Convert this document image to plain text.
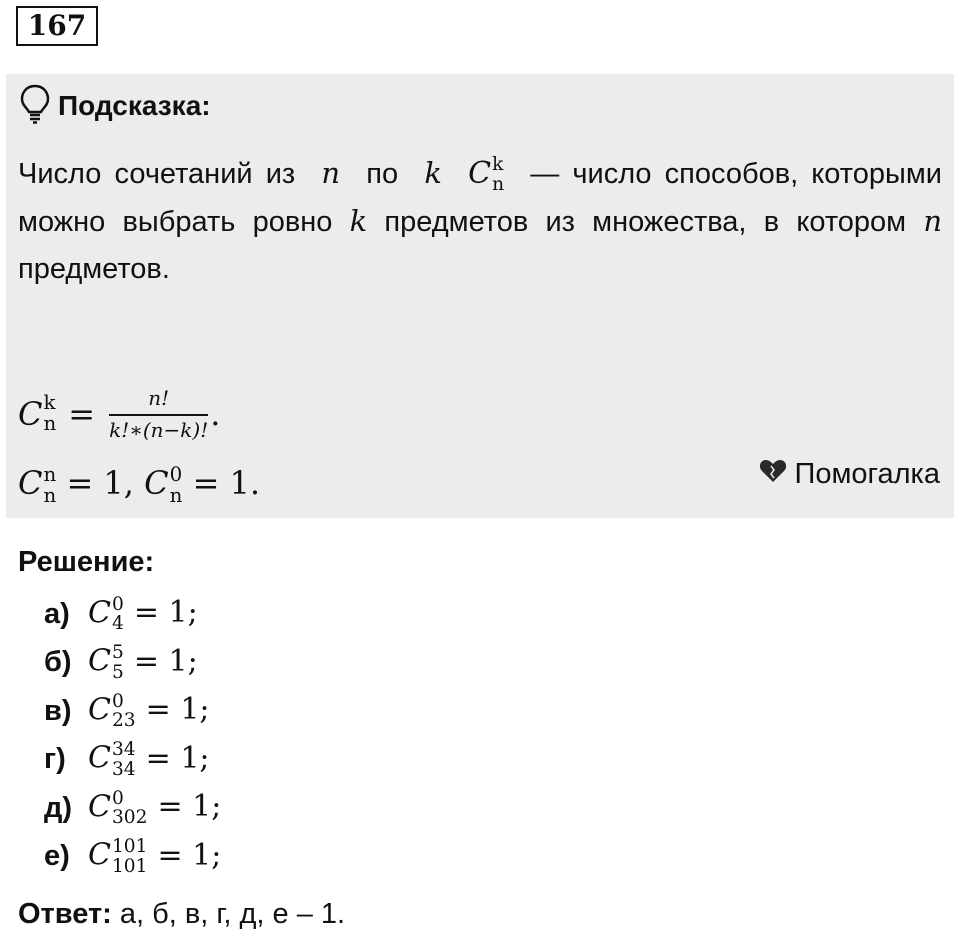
167
Подсказка:
Число сочетаний из n по k C k
n — число способов, которыми можно выбрать ровно k предметов из множества, в котором n предметов.
C k
$n = \frac{n!}{k!∗(n-k)!}$ .
C n
n = 1, C 0
n = 1.	Помогалка
Решение:
а) C 0
4 = 1;
б) C 5
5 = 1;
в) C 0
23 = 1;
г) C 34
34 = 1;
д) C 0
302 = 1;
е) C 101
101 = 1;
Ответ: а, б, в, г, д, е – 1.
